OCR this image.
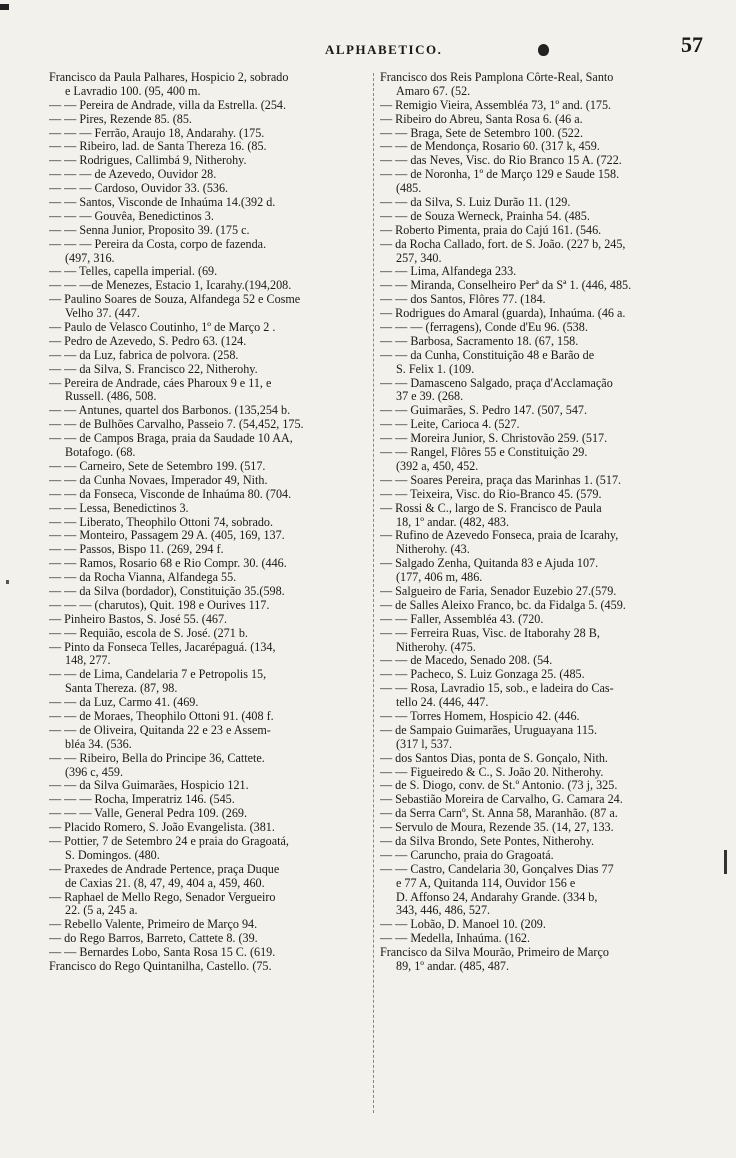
ALPHABETICO.	57
Francisco da Paula Palhares, Hospicio 2, sobrado
e Lavradio 100. (95, 400 m.
— — Pereira de Andrade, villa da Estrella. (254.
— — Pires, Rezende 85. (85.
— — — Ferrão, Araujo 18, Andarahy. (175.
— — Ribeiro, lad. de Santa Thereza 16. (85.
— — Rodrigues, Callimbá 9, Nitherohy.
— — — de Azevedo, Ouvidor 28.
— — — Cardoso, Ouvidor 33. (536.
— — Santos, Visconde de Inhaúma 14.(392 d.
— — — Gouvêa, Benedictinos 3.
— — Senna Junior, Proposito 39. (175 c.
— — — Pereira da Costa, corpo de fazenda.
(497, 316.
— — Telles, capella imperial. (69.
— — —de Menezes, Estacio 1, Icarahy.(194,208.
— Paulino Soares de Souza, Alfandega 52 e Cosme
Velho 37. (447.
— Paulo de Velasco Coutinho, 1º de Março 2 .
— Pedro de Azevedo, S. Pedro 63. (124.
— — da Luz, fabrica de polvora. (258.
— — da Silva, S. Francisco 22, Nitherohy.
— Pereira de Andrade, cáes Pharoux 9 e 11, e
Russell. (486, 508.
— — Antunes, quartel dos Barbonos. (135,254 b.
— — de Bulhões Carvalho, Passeio 7. (54,452, 175.
— — de Campos Braga, praia da Saudade 10 AA,
Botafogo. (68.
— — Carneiro, Sete de Setembro 199. (517.
— — da Cunha Novaes, Imperador 49, Nith.
— — da Fonseca, Visconde de Inhaúma 80. (704.
— — Lessa, Benedictinos 3.
— — Liberato, Theophilo Ottoni 74, sobrado.
— — Monteiro, Passagem 29 A. (405, 169, 137.
— — Passos, Bispo 11. (269, 294 f.
— — Ramos, Rosario 68 e Rio Compr. 30. (446.
— — da Rocha Vianna, Alfandega 55.
— — da Silva (bordador), Constituição 35.(598.
— — — (charutos), Quit. 198 e Ourives 117.
— Pinheiro Bastos, S. José 55. (467.
— — Requião, escola de S. José. (271 b.
— Pinto da Fonseca Telles, Jacarépaguá. (134,
148, 277.
— — de Lima, Candelaria 7 e Petropolis 15,
Santa Thereza. (87, 98.
— — da Luz, Carmo 41. (469.
— — de Moraes, Theophilo Ottoni 91. (408 f.
— — de Oliveira, Quitanda 22 e 23 e Assem-
bléa 34. (536.
— — Ribeiro, Bella do Principe 36, Cattete.
(396 c, 459.
— — da Silva Guimarães, Hospicio 121.
— — — Rocha, Imperatriz 146. (545.
— — — Valle, General Pedra 109. (269.
— Placido Romero, S. João Evangelista. (381.
— Pottier, 7 de Setembro 24 e praia do Gragoatá,
S. Domingos. (480.
— Praxedes de Andrade Pertence, praça Duque
de Caxias 21. (8, 47, 49, 404 a, 459, 460.
— Raphael de Mello Rego, Senador Vergueiro
22. (5 a, 245 a.
— Rebello Valente, Primeiro de Março 94.
— do Rego Barros, Barreto, Cattete 8. (39.
— — Bernardes Lobo, Santa Rosa 15 C. (619.
Francisco do Rego Quintanilha, Castello. (75.
Francisco dos Reis Pamplona Côrte-Real, Santo
Amaro 67. (52.
— Remigio Vieira, Assembléa 73, 1º and. (175.
— Ribeiro do Abreu, Santa Rosa 6. (46 a.
— — Braga, Sete de Setembro 100. (522.
— — de Mendonça, Rosario 60. (317 k, 459.
— — das Neves, Visc. do Rio Branco 15 A. (722.
— — de Noronha, 1º de Março 129 e Saude 158.
(485.
— — da Silva, S. Luiz Durão 11. (129.
— — de Souza Werneck, Prainha 54. (485.
— Roberto Pimenta, praia do Cajú 161. (546.
— da Rocha Callado, fort. de S. João. (227 b, 245,
257, 340.
— — Lima, Alfandega 233.
— — Miranda, Conselheiro Perª da Sª 1. (446, 485.
— — dos Santos, Flôres 77. (184.
— Rodrigues do Amaral (guarda), Inhaúma. (46 a.
— — — (ferragens), Conde d'Eu 96. (538.
— — Barbosa, Sacramento 18. (67, 158.
— — da Cunha, Constituição 48 e Barão de
S. Felix 1. (109.
— — Damasceno Salgado, praça d'Acclamação
37 e 39. (268.
— — Guimarães, S. Pedro 147. (507, 547.
— — Leite, Carioca 4. (527.
— — Moreira Junior, S. Christovão 259. (517.
— — Rangel, Flôres 55 e Constituição 29.
(392 a, 450, 452.
— — Soares Pereira, praça das Marinhas 1. (517.
— — Teixeira, Visc. do Rio-Branco 45. (579.
— Rossi & C., largo de S. Francisco de Paula
18, 1º andar. (482, 483.
— Rufino de Azevedo Fonseca, praia de Icarahy,
Nitherohy. (43.
— Salgado Zenha, Quitanda 83 e Ajuda 107.
(177, 406 m, 486.
— Salgueiro de Faria, Senador Euzebio 27.(579.
— de Salles Aleixo Franco, bc. da Fidalga 5. (459.
— — Faller, Assembléa 43. (720.
— — Ferreira Ruas, Visc. de Itaborahy 28 B,
Nitherohy. (475.
— — de Macedo, Senado 208. (54.
— — Pacheco, S. Luiz Gonzaga 25. (485.
— — Rosa, Lavradio 15, sob., e ladeira do Cas-
tello 24. (446, 447.
— — Torres Homem, Hospicio 42. (446.
— de Sampaio Guimarães, Uruguayana 115.
(317 l, 537.
— dos Santos Dias, ponta de S. Gonçalo, Nith.
— — Figueiredo & C., S. João 20. Nitherohy.
— de S. Diogo, conv. de St.º Antonio. (73 j, 325.
— Sebastião Moreira de Carvalho, G. Camara 24.
— da Serra Carnº, St. Anna 58, Maranhão. (87 a.
— Servulo de Moura, Rezende 35. (14, 27, 133.
— da Silva Brondo, Sete Pontes, Nitherohy.
— — Caruncho, praia do Gragoatá.
— — Castro, Candelaria 30, Gonçalves Dias 77
e 77 A, Quitanda 114, Ouvidor 156 e
D. Affonso 24, Andarahy Grande. (334 b,
343, 446, 486, 527.
— — Lobão, D. Manoel 10. (209.
— — Medella, Inhaúma. (162.
Francisco da Silva Mourão, Primeiro de Março
89, 1º andar. (485, 487.
